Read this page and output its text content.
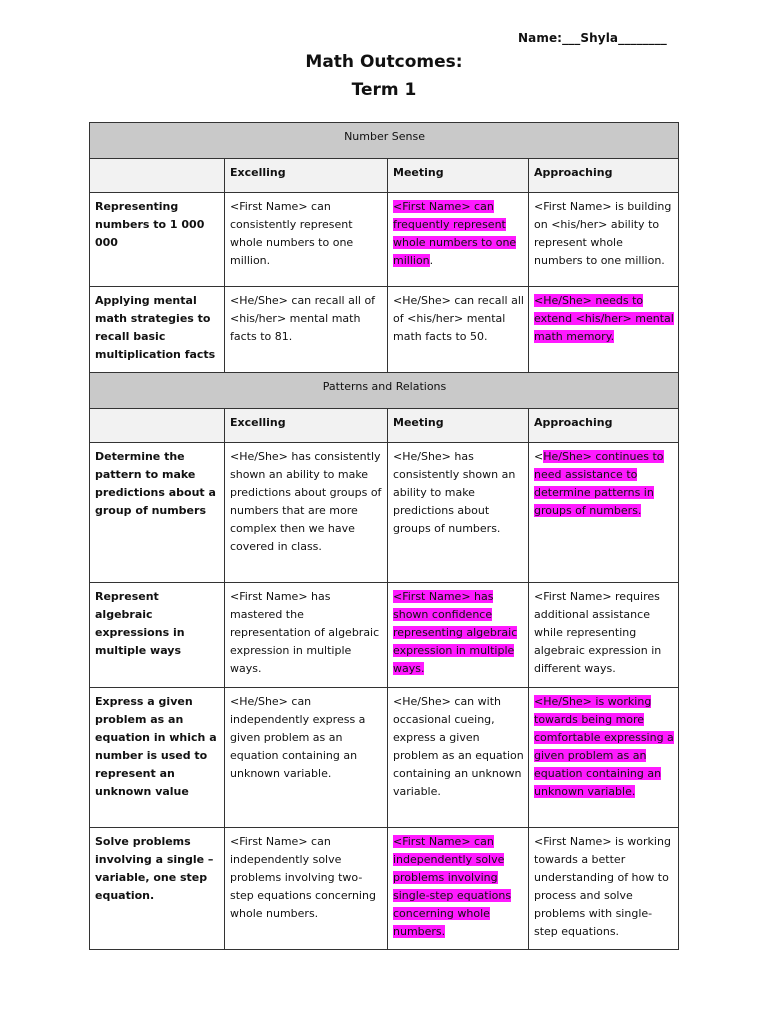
Name:___Shyla________
Math Outcomes:
Term 1
Number Sense			
	Excelling	Meeting	Approaching
Representing numbers to 1 000 000	<First Name> can consistently represent whole numbers to one million.	<First Name> can frequently represent whole numbers to one million.	<First Name> is building on <his/her> ability to represent whole numbers to one million.
Applying mental math strategies to recall basic multiplication facts	<He/She> can recall all of <his/her> mental math facts to 81.	<He/She> can recall all of <his/her> mental math facts to 50.	<He/She> needs to extend <his/her> mental math memory.
Patterns and Relations			
	Excelling	Meeting	Approaching
Determine the pattern to make predictions about a group of numbers	<He/She> has consistently shown an ability to make predictions about groups of numbers that are more complex then we have covered in class.	<He/She> has consistently shown an ability to make predictions about groups of numbers.	<He/She> continues to need assistance to determine patterns in groups of numbers.
Represent algebraic expressions in multiple ways	<First Name> has mastered the representation of algebraic expression in multiple ways.	<First Name> has shown confidence representing algebraic expression in multiple ways.	<First Name> requires additional assistance while representing algebraic expression in different ways.
Express a given problem as an equation in which a number is used to represent an unknown value	<He/She> can independently express a given problem as an equation containing an unknown variable.	<He/She> can with occasional cueing, express a given problem as an equation containing an unknown variable.	<He/She> is working towards being more comfortable expressing a given problem as an equation containing an unknown variable.
Solve problems involving a single – variable, one step equation.	<First Name> can independently solve problems involving two-step equations concerning whole numbers.	<First Name> can independently solve problems involving single-step equations concerning whole numbers.	<First Name> is working towards a better understanding of how to process and solve problems with single-step equations.
